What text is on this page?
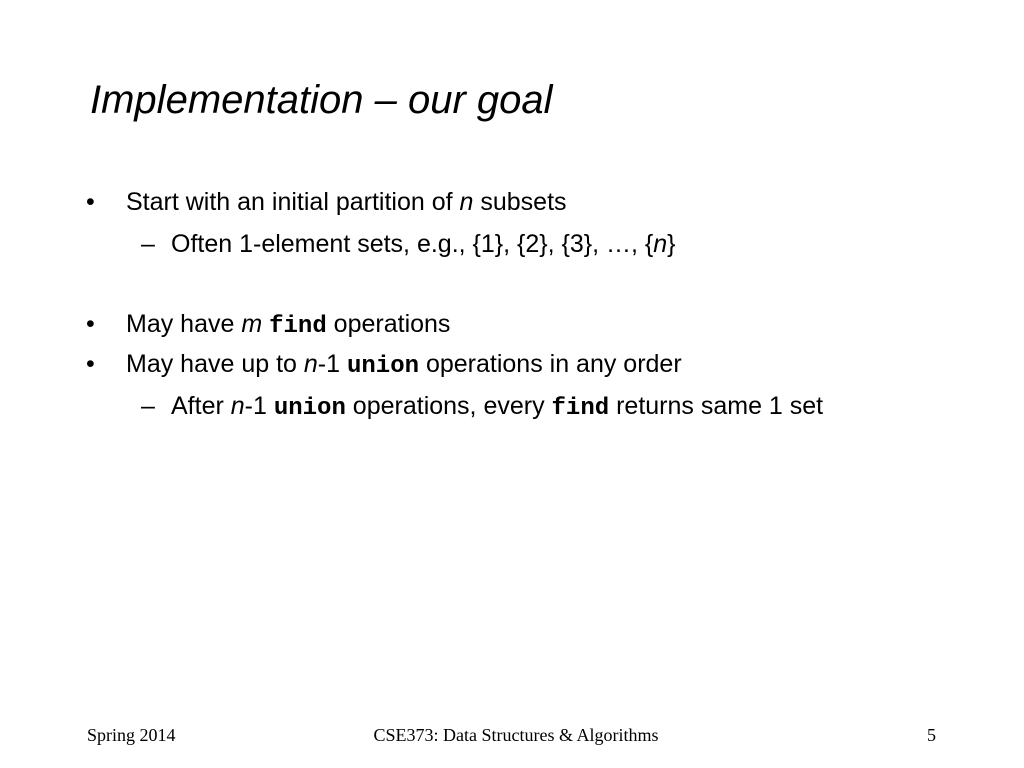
Implementation – our goal
• Start with an initial partition of n subsets
– Often 1-element sets, e.g., {1}, {2}, {3}, …, {n}
• May have m find operations
• May have up to n-1 union operations in any order
– After n-1 union operations, every find returns same 1 set
Spring 2014	CSE373: Data Structures & Algorithms	5
